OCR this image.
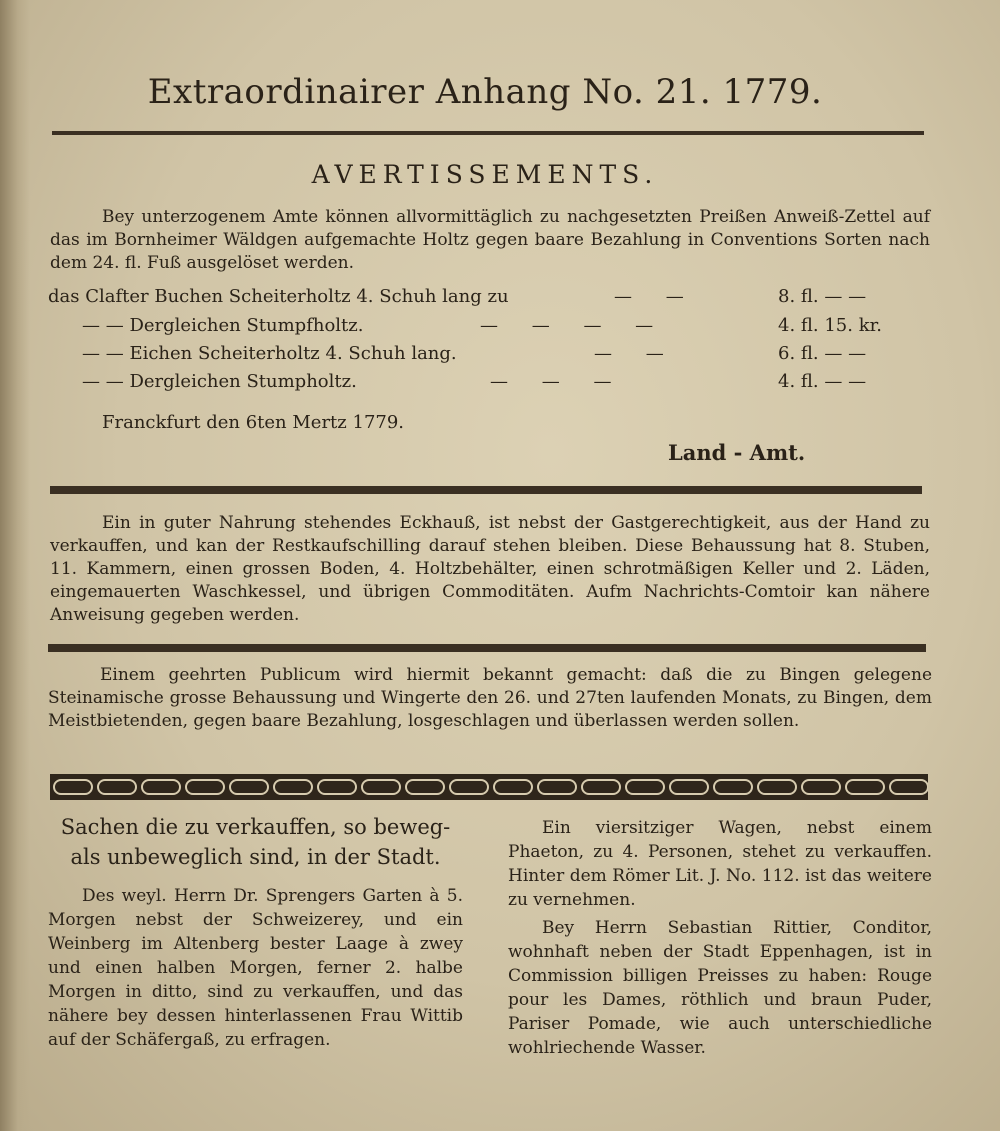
Extraordinairer Anhang No. 21. 1779.
AVERTISSEMENTS.

Bey unterzogenem Amte können allvormittäglich zu nachgesetzten Preißen Anweiß-Zettel auf das im Bornheimer Wäldgen aufgemachte Holtz gegen baare Bezahlung in Conventions Sorten nach dem 24. fl. Fuß ausgelöset werden.

das Clafter Buchen Scheiterholtz 4. Schuh lang zu	— —	8. fl. — —
— — Dergleichen Stumpfholtz.	— — — —	4. fl. 15. kr.
— — Eichen Scheiterholtz 4. Schuh lang.	— —	6. fl. — —
— — Dergleichen Stumpholtz.	— — —	4. fl. — —
Franckfurt den 6ten Mertz 1779.
Land - Amt.

Ein in guter Nahrung stehendes Eckhauß, ist nebst der Gastgerechtigkeit, aus der Hand zu verkauffen, und kan der Restkaufschilling darauf stehen bleiben. Diese Behaussung hat 8. Stuben, 11. Kammern, einen grossen Boden, 4. Holtzbehälter, einen schrotmäßigen Keller und 2. Läden, eingemauerten Waschkessel, und übrigen Commoditäten. Aufm Nachrichts-Comtoir kan nähere Anweisung gegeben werden.

Einem geehrten Publicum wird hiermit bekannt gemacht: daß die zu Bingen gelegene Steinamische grosse Behaussung und Wingerte den 26. und 27ten laufenden Monats, zu Bingen, dem Meistbietenden, gegen baare Bezahlung, losgeschlagen und überlassen werden sollen.

Sachen die zu verkauffen, so beweg- als unbeweglich sind, in der Stadt.

Des weyl. Herrn Dr. Sprengers Garten à 5. Morgen nebst der Schweizerey, und ein Weinberg im Altenberg bester Laage à zwey und einen halben Morgen, ferner 2. halbe Morgen in ditto, sind zu verkauffen, und das nähere bey dessen hinterlassenen Frau Wittib auf der Schäfergaß, zu erfragen.

Ein viersitziger Wagen, nebst einem Phaeton, zu 4. Personen, stehet zu verkauffen. Hinter dem Römer Lit. J. No. 112. ist das weitere zu vernehmen.

Bey Herrn Sebastian Rittier, Conditor, wohnhaft neben der Stadt Eppenhagen, ist in Commission billigen Preisses zu haben: Rouge pour les Dames, röthlich und braun Puder, Pariser Pomade, wie auch unterschiedliche wohlriechende Wasser.
